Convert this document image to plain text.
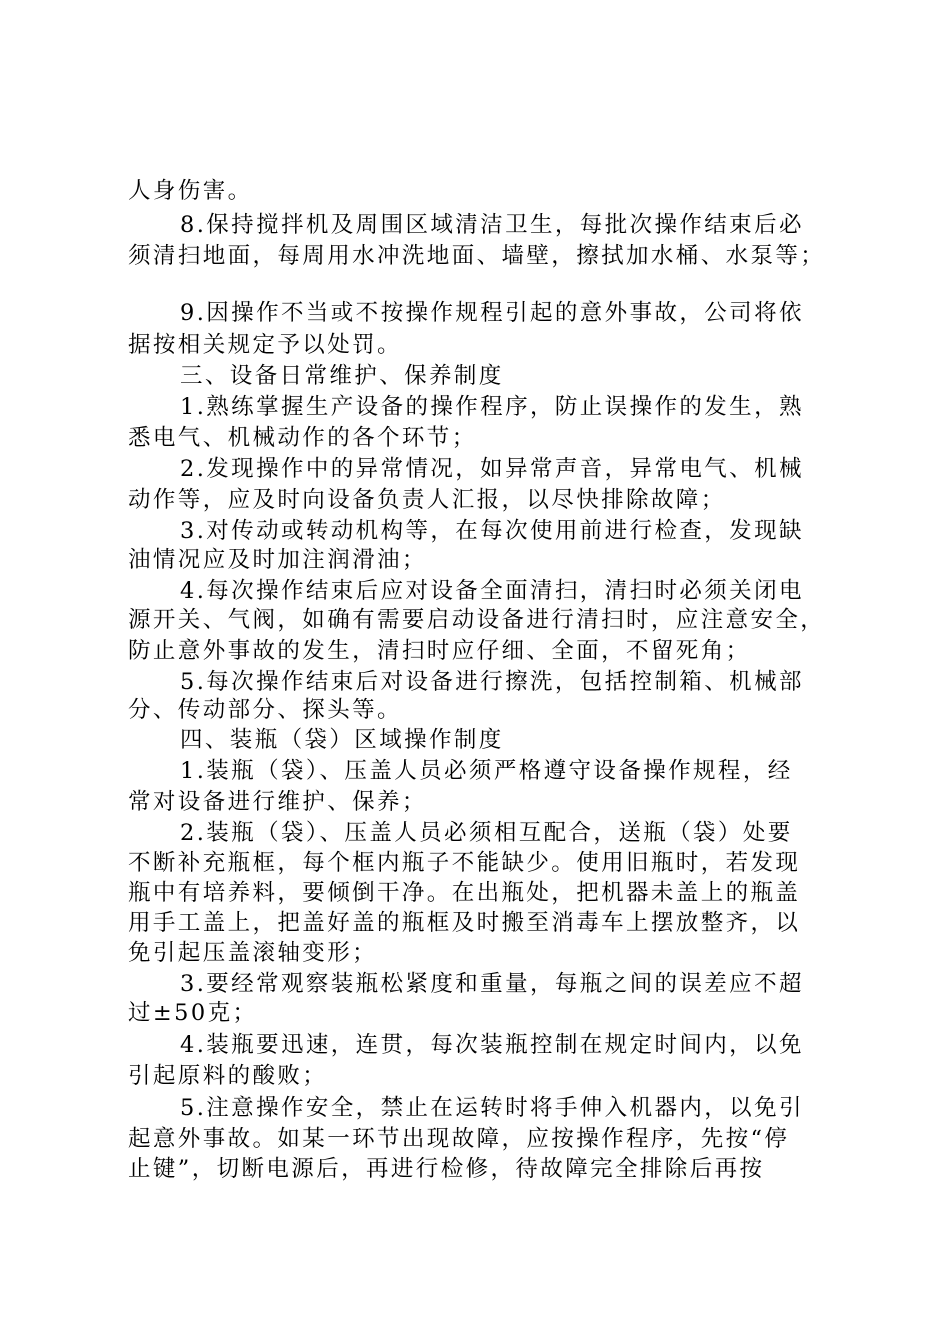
人身伤害。
8.保持搅拌机及周围区域清洁卫生，每批次操作结束后必
须清扫地面，每周用水冲洗地面、墙壁，擦拭加水桶、水泵等；
9.因操作不当或不按操作规程引起的意外事故，公司将依
据按相关规定予以处罚。
三、设备日常维护、保养制度
1.熟练掌握生产设备的操作程序，防止误操作的发生，熟
悉电气、机械动作的各个环节；
2.发现操作中的异常情况，如异常声音，异常电气、机械
动作等，应及时向设备负责人汇报，以尽快排除故障；
3.对传动或转动机构等，在每次使用前进行检查，发现缺
油情况应及时加注润滑油；
4.每次操作结束后应对设备全面清扫，清扫时必须关闭电
源开关、气阀，如确有需要启动设备进行清扫时，应注意安全，
防止意外事故的发生，清扫时应仔细、全面，不留死角；
5.每次操作结束后对设备进行擦洗，包括控制箱、机械部
分、传动部分、探头等。
四、装瓶（袋）区域操作制度
1.装瓶（袋）、压盖人员必须严格遵守设备操作规程，经
常对设备进行维护、保养；
2.装瓶（袋）、压盖人员必须相互配合，送瓶（袋）处要
不断补充瓶框，每个框内瓶子不能缺少。使用旧瓶时，若发现
瓶中有培养料，要倾倒干净。在出瓶处，把机器未盖上的瓶盖
用手工盖上，把盖好盖的瓶框及时搬至消毒车上摆放整齐，以
免引起压盖滚轴变形；
3.要经常观察装瓶松紧度和重量，每瓶之间的误差应不超
过±50克；
4.装瓶要迅速，连贯，每次装瓶控制在规定时间内，以免
引起原料的酸败；
5.注意操作安全，禁止在运转时将手伸入机器内，以免引
起意外事故。如某一环节出现故障，应按操作程序，先按“停
止键”，切断电源后，再进行检修，待故障完全排除后再按
